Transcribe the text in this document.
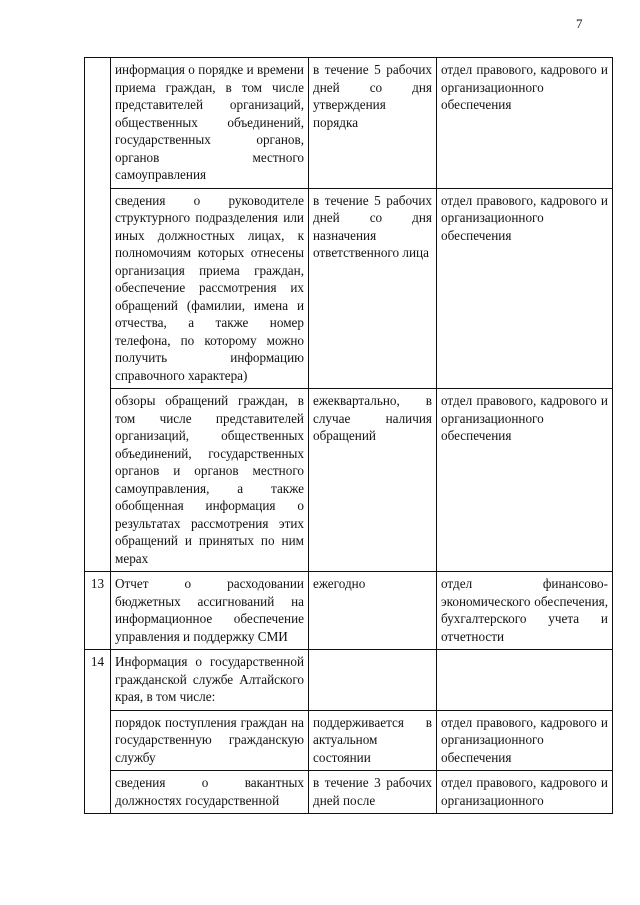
7
	информация о порядке и времени приема граждан, в том числе представителей организаций, общественных объединений, государственных органов, органов местного самоуправления	в течение 5 рабочих дней со дня утверждения порядка	отдел правового, кадрового и организационного обеспечения
	сведения о руководителе структурного подразделения или иных должностных лицах, к полномочиям которых отнесены организация приема граждан, обеспечение рассмотрения их обращений (фамилии, имена и отчества, а также номер телефона, по которому можно получить информацию справочного характера)	в течение 5 рабочих дней со дня назначения ответственного лица	отдел правового, кадрового и организационного обеспечения
	обзоры обращений граждан, в том числе представителей организаций, общественных объединений, государственных органов и органов местного самоуправления, а также обобщенная информация о результатах рассмотрения этих обращений и принятых по ним мерах	ежеквартально, в случае наличия обращений	отдел правового, кадрового и организационного обеспечения
13	Отчет о расходовании бюджетных ассигнований на информационное обеспечение управления и поддержку СМИ	ежегодно	отдел финансово-экономического обеспечения, бухгалтерского учета и отчетности
14	Информация о государственной гражданской службе Алтайского края, в том числе:		
	порядок поступления граждан на государственную гражданскую службу	поддерживается в актуальном состоянии	отдел правового, кадрового и организационного обеспечения
	сведения о вакантных должностях государственной	в течение 3 рабочих дней после	отдел правового, кадрового и организационного
